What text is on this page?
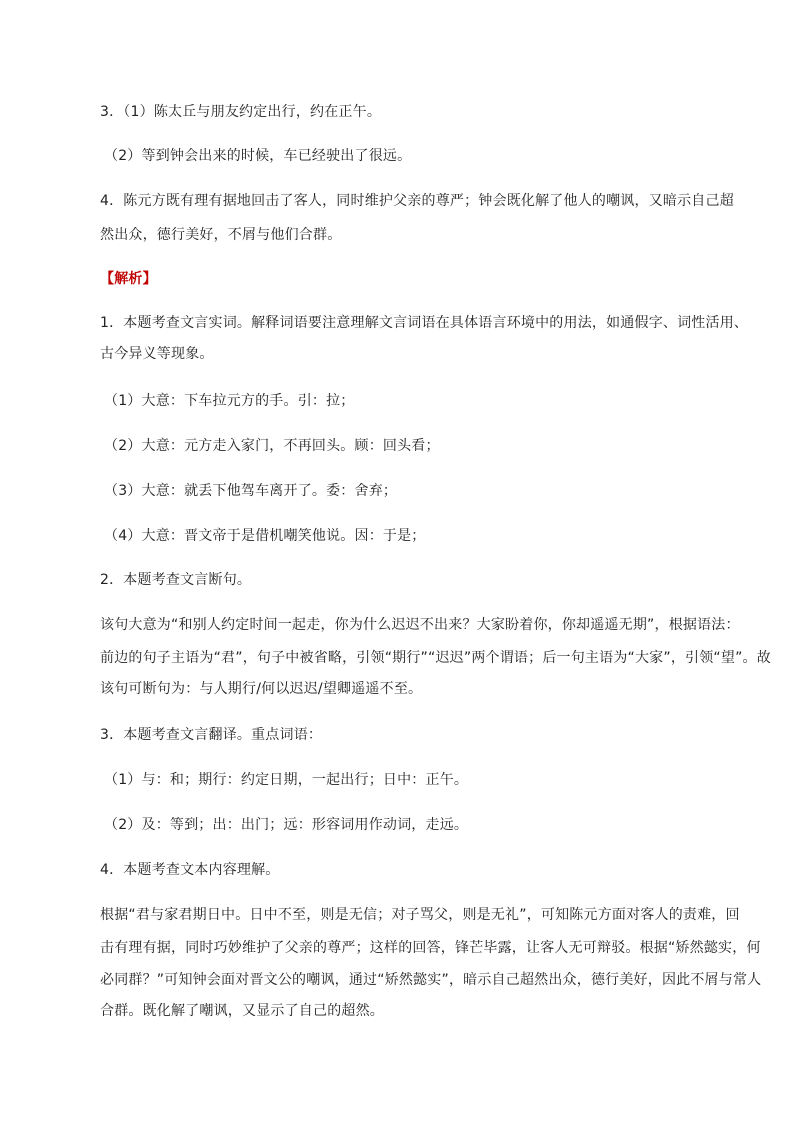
3．（1）陈太丘与朋友约定出行，约在正午。
（2）等到钟会出来的时候，车已经驶出了很远。
4．陈元方既有理有据地回击了客人，同时维护父亲的尊严；钟会既化解了他人的嘲讽，又暗示自己超
然出众，德行美好，不屑与他们合群。
【解析】
1．本题考查文言实词。解释词语要注意理解文言词语在具体语言环境中的用法，如通假字、词性活用、
古今异义等现象。
（1）大意：下车拉元方的手。引：拉；
（2）大意：元方走入家门，不再回头。顾：回头看；
（3）大意：就丢下他驾车离开了。委：舍弃；
（4）大意：晋文帝于是借机嘲笑他说。因：于是；
2．本题考查文言断句。
该句大意为“和别人约定时间一起走，你为什么迟迟不出来？大家盼着你，你却遥遥无期”，根据语法：
前边的句子主语为“君”，句子中被省略，引领“期行”“迟迟”两个谓语；后一句主语为“大家”，引领“望”。故
该句可断句为：与人期行/何以迟迟/望卿遥遥不至。
3．本题考查文言翻译。重点词语：
（1）与：和；期行：约定日期，一起出行；日中：正午。
（2）及：等到；出：出门；远：形容词用作动词，走远。
4．本题考查文本内容理解。
根据“君与家君期日中。日中不至，则是无信；对子骂父，则是无礼”，可知陈元方面对客人的责难，回
击有理有据，同时巧妙维护了父亲的尊严；这样的回答，锋芒毕露，让客人无可辩驳。根据“矫然懿实，何
必同群？”可知钟会面对晋文公的嘲讽，通过“矫然懿实”，暗示自己超然出众，德行美好，因此不屑与常人
合群。既化解了嘲讽，又显示了自己的超然。
